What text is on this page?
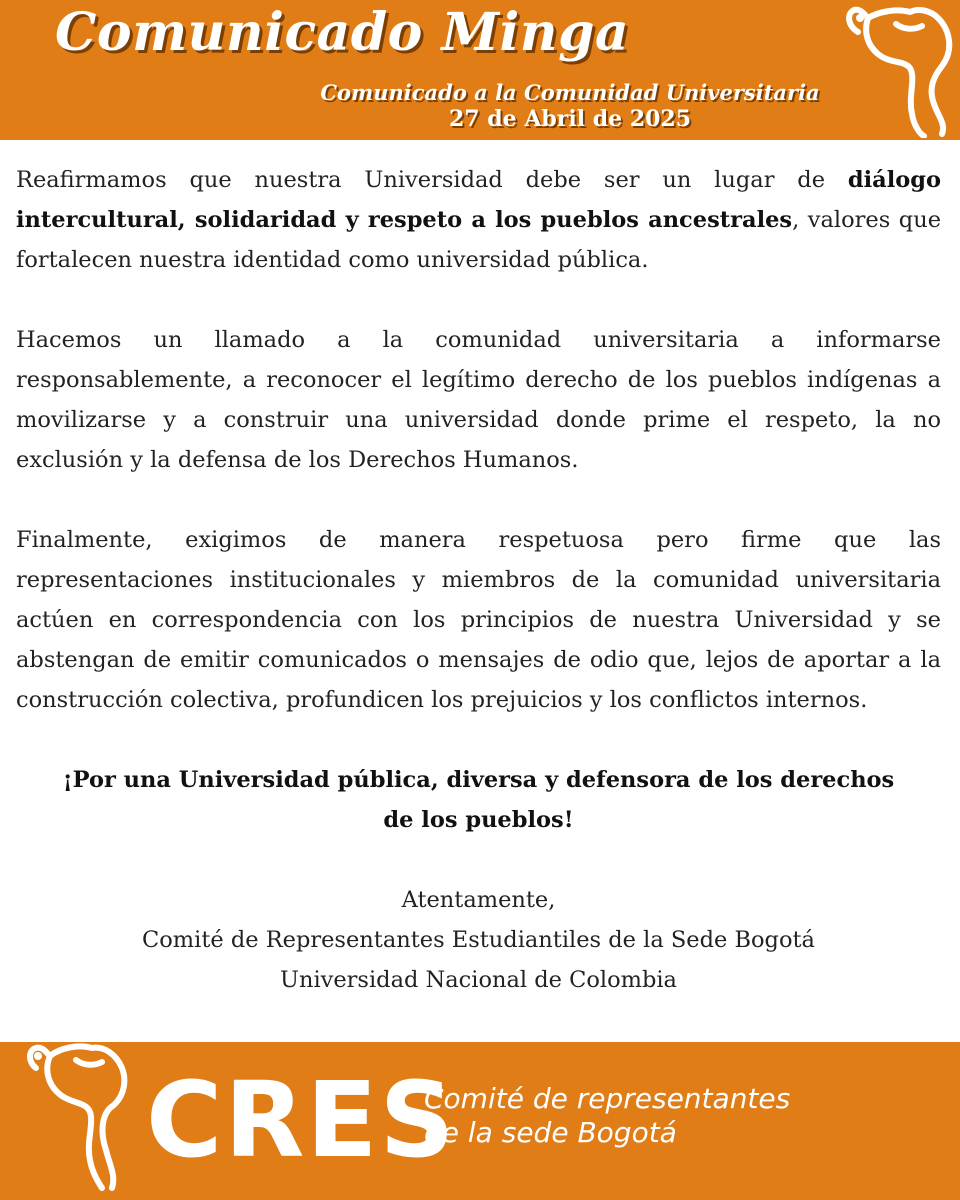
Comunicado Minga
Comunicado a la Comunidad Universitaria
27 de Abril de 2025

Reafirmamos que nuestra Universidad debe ser un lugar de diálogo intercultural, solidaridad y respeto a los pueblos ancestrales, valores que fortalecen nuestra identidad como universidad pública.

Hacemos un llamado a la comunidad universitaria a informarse responsablemente, a reconocer el legítimo derecho de los pueblos indígenas a movilizarse y a construir una universidad donde prime el respeto, la no exclusión y la defensa de los Derechos Humanos.

Finalmente, exigimos de manera respetuosa pero firme que las representaciones institucionales y miembros de la comunidad universitaria actúen en correspondencia con los principios de nuestra Universidad y se abstengan de emitir comunicados o mensajes de odio que, lejos de aportar a la construcción colectiva, profundicen los prejuicios y los conflictos internos.

¡Por una Universidad pública, diversa y defensora de los derechos de los pueblos!

Atentamente,

Comité de Representantes Estudiantiles de la Sede Bogotá

Universidad Nacional de Colombia

CRES
Comité de representantes
de la sede Bogotá
